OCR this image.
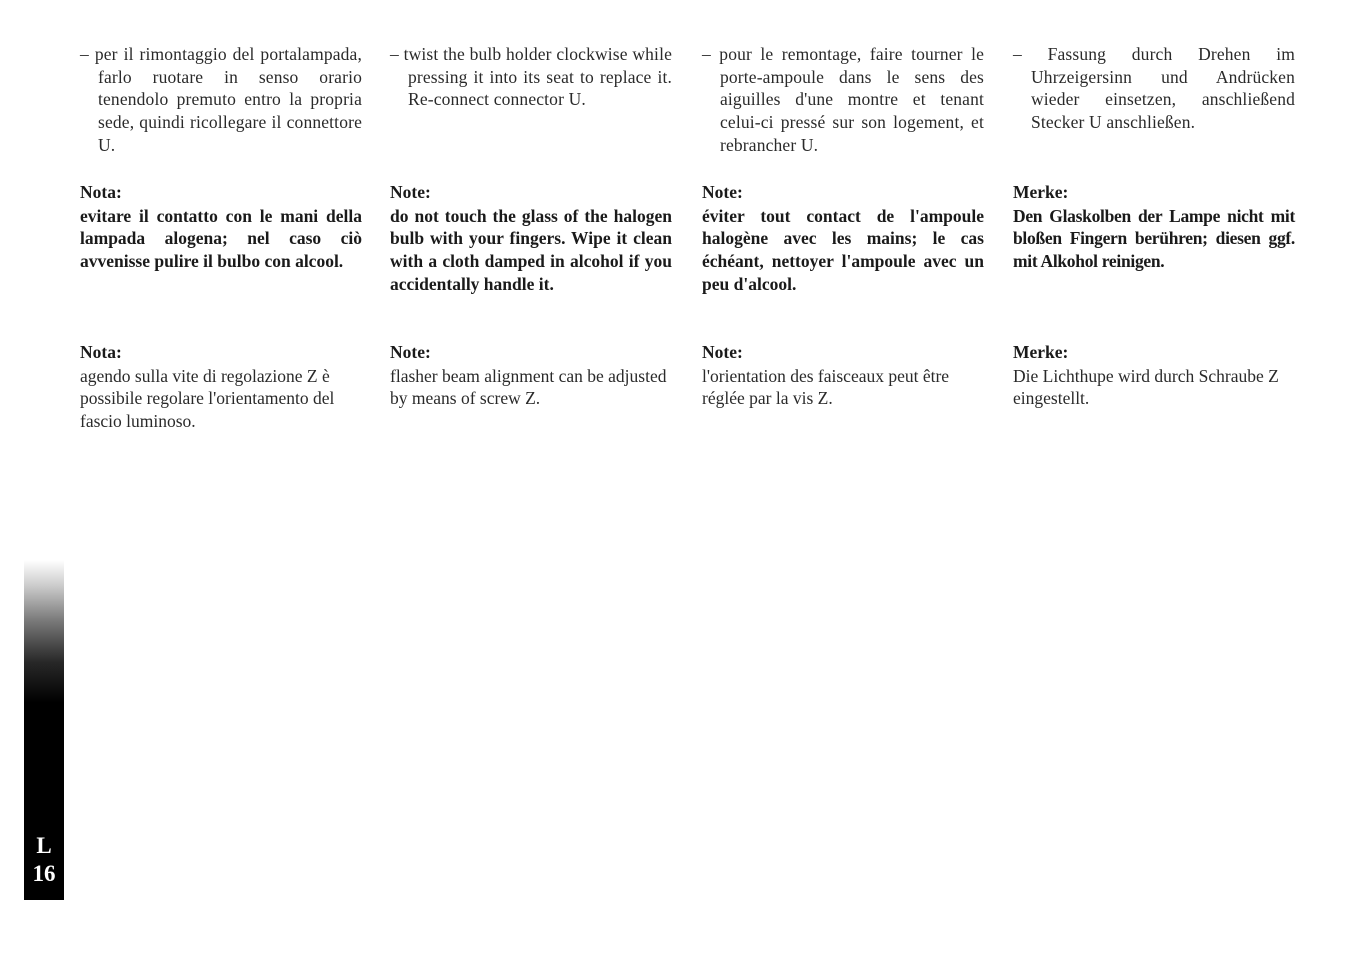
– per il rimontaggio del portalampada, farlo ruotare in senso orario tenendolo premuto entro la propria sede, quindi ricollegare il connettore U.

Nota:

evitare il contatto con le mani della lampada alogena; nel caso ciò avvenisse pulire il bulbo con alcool.

Nota:

agendo sulla vite di regolazione Z è possibile regolare l'orientamento del fascio luminoso.

– twist the bulb holder clockwise while pressing it into its seat to replace it. Re-connect connector U.

Note:

do not touch the glass of the halogen bulb with your fingers. Wipe it clean with a cloth damped in alcohol if you accidentally handle it.

Note:

flasher beam alignment can be adjusted by means of screw Z.

– pour le remontage, faire tourner le porte-ampoule dans le sens des aiguilles d'une montre et tenant celui-ci pressé sur son logement, et rebrancher U.

Note:

éviter tout contact de l'ampoule halogène avec les mains; le cas échéant, nettoyer l'ampoule avec un peu d'alcool.

Note:

l'orientation des faisceaux peut être réglée par la vis Z.

– Fassung durch Drehen im Uhrzeigersinn und Andrücken wieder einsetzen, anschließend Stecker U anschließen.

Merke:

Den Glaskolben der Lampe nicht mit bloßen Fingern berühren; diesen ggf. mit Alkohol reinigen.

Merke:

Die Lichthupe wird durch Schraube Z eingestellt.

L
16
